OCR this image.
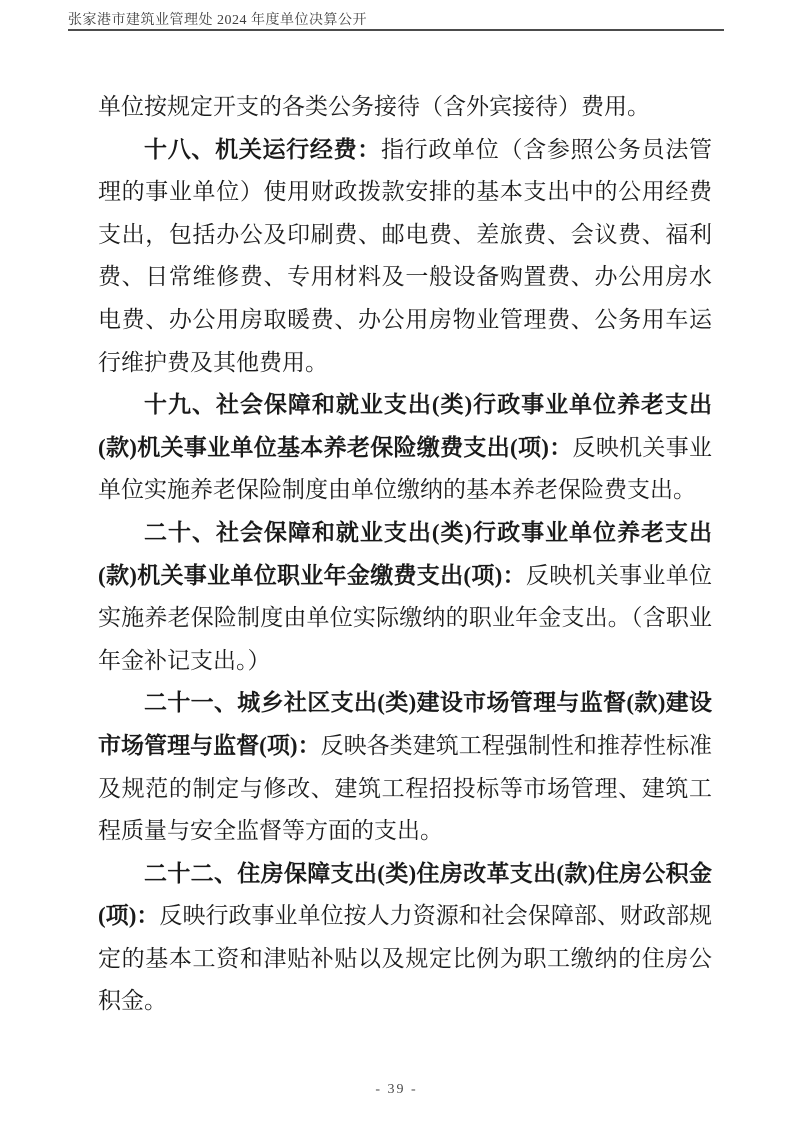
张家港市建筑业管理处 2024 年度单位决算公开

单位按规定开支的各类公务接待（含外宾接待）费用。

十八、机关运行经费：指行政单位（含参照公务员法管理的事业单位）使用财政拨款安排的基本支出中的公用经费支出，包括办公及印刷费、邮电费、差旅费、会议费、福利费、日常维修费、专用材料及一般设备购置费、办公用房水电费、办公用房取暖费、办公用房物业管理费、公务用车运行维护费及其他费用。

十九、社会保障和就业支出(类)行政事业单位养老支出(款)机关事业单位基本养老保险缴费支出(项)：反映机关事业单位实施养老保险制度由单位缴纳的基本养老保险费支出。

二十、社会保障和就业支出(类)行政事业单位养老支出(款)机关事业单位职业年金缴费支出(项)：反映机关事业单位实施养老保险制度由单位实际缴纳的职业年金支出。（含职业年金补记支出。）

二十一、城乡社区支出(类)建设市场管理与监督(款)建设市场管理与监督(项)：反映各类建筑工程强制性和推荐性标准及规范的制定与修改、建筑工程招投标等市场管理、建筑工程质量与安全监督等方面的支出。

二十二、住房保障支出(类)住房改革支出(款)住房公积金(项)：反映行政事业单位按人力资源和社会保障部、财政部规定的基本工资和津贴补贴以及规定比例为职工缴纳的住房公积金。

- 39 -
